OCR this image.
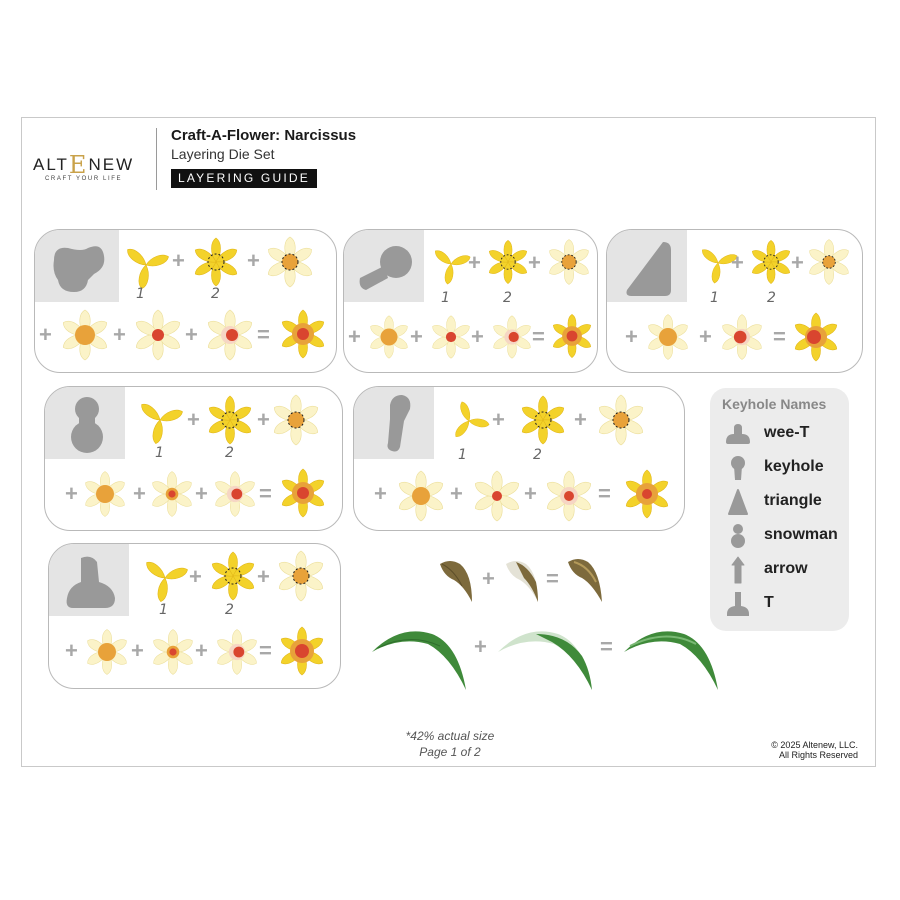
ALTENEW
CRAFT YOUR LIFE
Craft-A-Flower: Narcissus
Layering Die Set
LAYERING GUIDE
+	+
1	2
+	+	+	=
+ +
1	2
+ + + =
+ +
1	2
+	+	=
+	+
1	2
+	+ + =
+	+
1	2
+	+	+	=
+	+
1	2
+ + + =
Keyhole Names
wee-T
keyhole
triangle
snowman
arrow
T
+ =
+	=
*42% actual size
Page 1 of 2	© 2025 Altenew, LLC.
All Rights Reserved
